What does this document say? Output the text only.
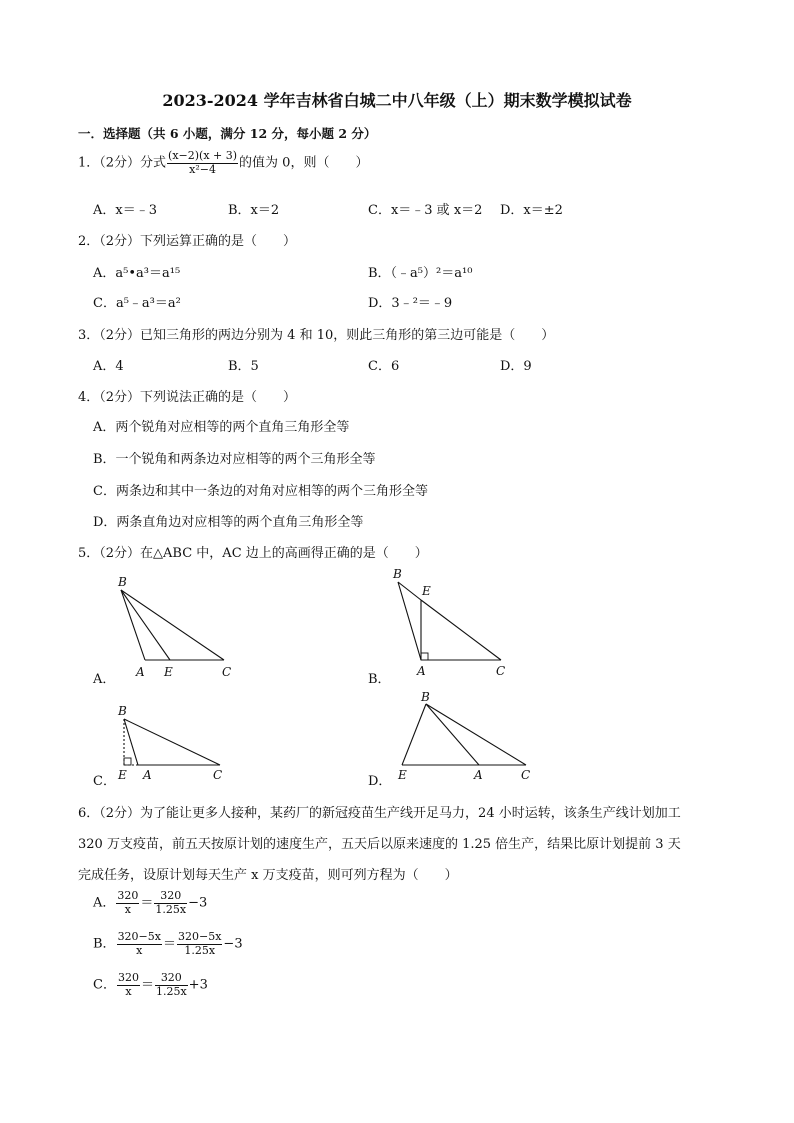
2023-2024 学年吉林省白城二中八年级（上）期末数学模拟试卷
一．选择题（共 6 小题，满分 12 分，每小题 2 分）
1．（2分）分式 $\frac{(x-2)(x + 3)}{\text{x²−4}}$ 的值为 0，则（　　）
A．x＝﹣3	B．x＝2	C．x＝﹣3 或 x＝2 D．x＝±2
2．（2分）下列运算正确的是（　　）
A．a⁵•a³＝a¹⁵	B．（﹣a⁵）²＝a¹⁰
C．a⁵﹣a³＝a²	D．3﹣²＝﹣9
3．（2分）已知三角形的两边分别为 4 和 10，则此三角形的第三边可能是（　　）
A．4	B．5	C．6	D．9
4．（2分）下列说法正确的是（　　）
A．两个锐角对应相等的两个直角三角形全等
B．一个锐角和两条边对应相等的两个三角形全等
C．两条边和其中一条边的对角对应相等的两个三角形全等
D．两条直角边对应相等的两个直角三角形全等
5．（2分）在△ABC 中，AC 边上的高画得正确的是（　　）
A．
B
A E	C	B．
B
E
A	C
C．
B
E A	C	D．
B
E	A	C
6．（2分）为了能让更多人接种，某药厂的新冠疫苗生产线开足马力，24 小时运转，该条生产线计划加工
320 万支疫苗，前五天按原计划的速度生产，五天后以原来速度的 1.25 倍生产，结果比原计划提前 3 天
完成任务，设原计划每天生产 x 万支疫苗，则可列方程为（　　）
A． $\frac{320}{x} = \frac{320}{1.25x} -3$
B． $\frac{320-5x}{x} = \frac{320-5x}{1.25x} -3$
C． $\frac{320}{x} = \frac{320}{1.25x} +3$
